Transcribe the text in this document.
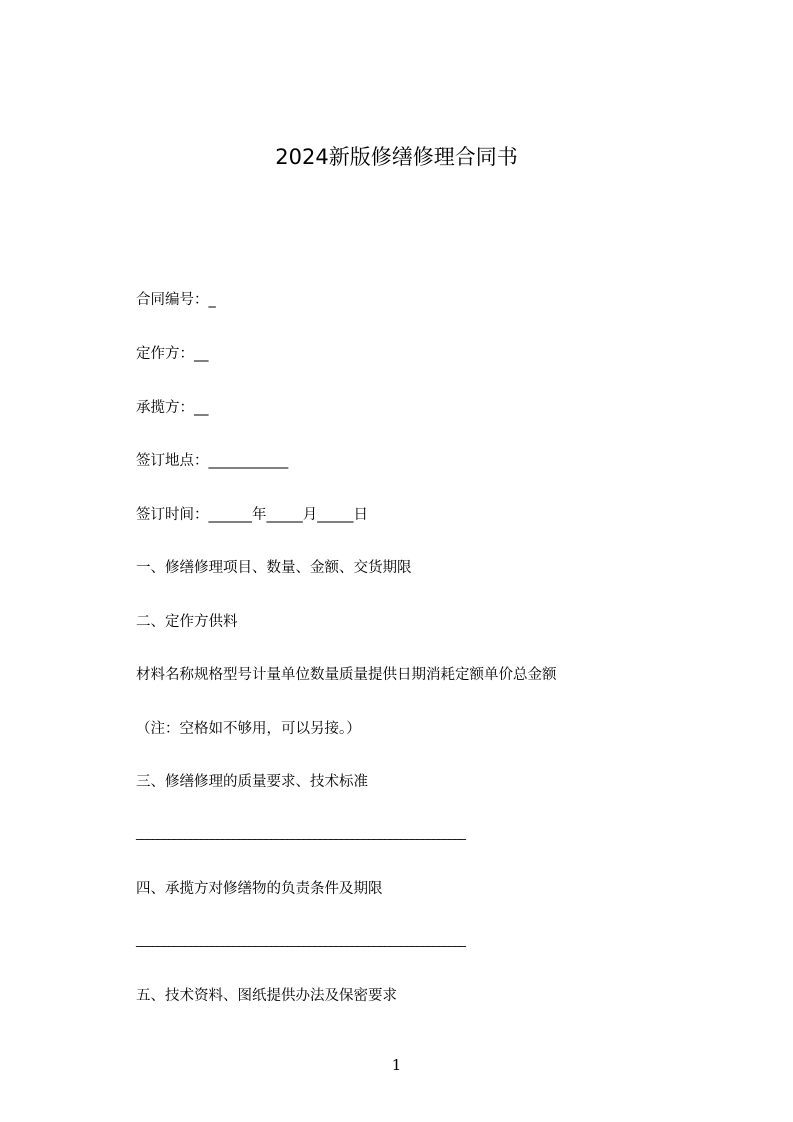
2024新版修缮修理合同书
合同编号：_
定作方：__
承揽方：__
签订地点：___________
签订时间：______年_____月_____日
一、修缮修理项目、数量、金额、交货期限
二、定作方供料
材料名称规格型号计量单位数量质量提供日期消耗定额单价总金额
（注：空格如不够用，可以另接。）
三、修缮修理的质量要求、技术标准
_____________________________________________________________
四、承揽方对修缮物的负责条件及期限
_____________________________________________________________
五、技术资料、图纸提供办法及保密要求
1
